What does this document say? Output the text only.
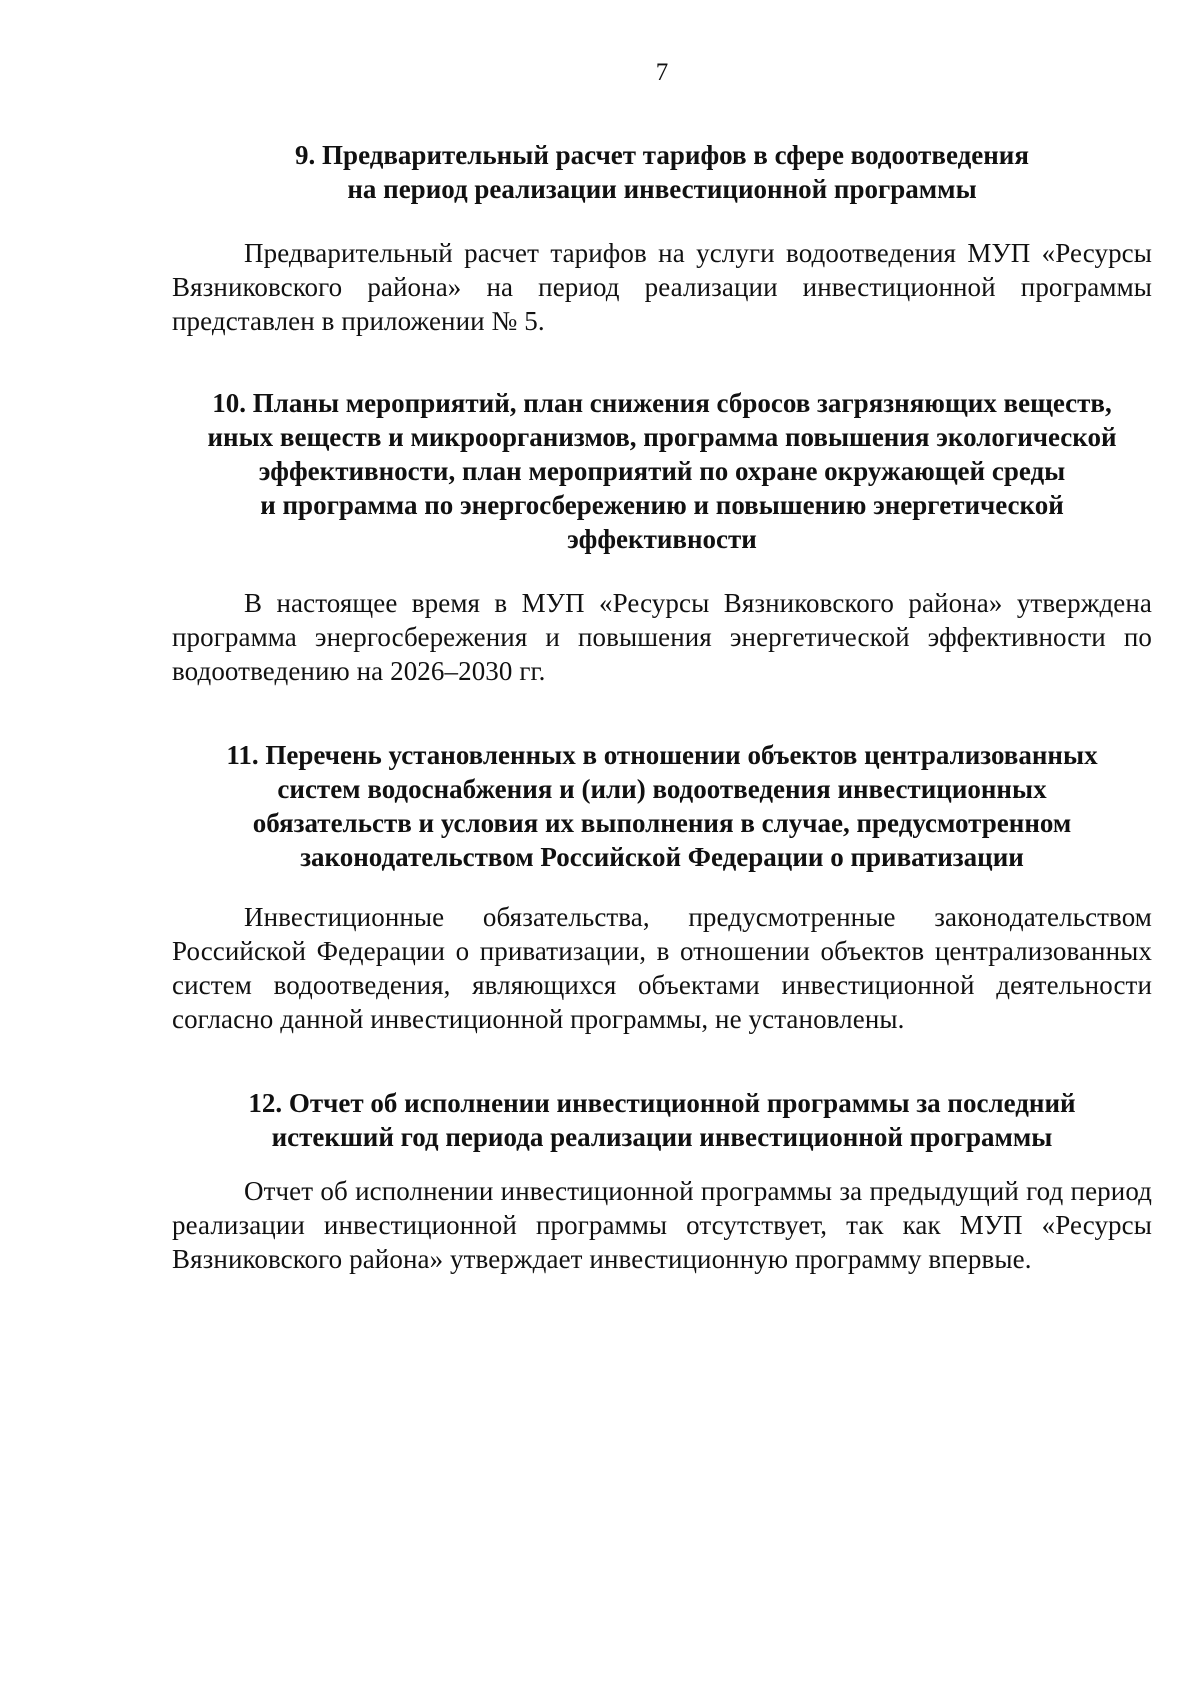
7
9. Предварительный расчет тарифов в сфере водоотведения
на период реализации инвестиционной программы

Предварительный расчет тарифов на услуги водоотведения МУП «Ресурсы Вязниковского района» на период реализации инвестиционной программы представлен в приложении № 5.

10. Планы мероприятий, план снижения сбросов загрязняющих веществ,
иных веществ и микроорганизмов, программа повышения экологической
эффективности, план мероприятий по охране окружающей среды
и программа по энергосбережению и повышению энергетической
эффективности

В настоящее время в МУП «Ресурсы Вязниковского района» утверждена программа энергосбережения и повышения энергетической эффективности по водоотведению на 2026–2030 гг.

11. Перечень установленных в отношении объектов централизованных
систем водоснабжения и (или) водоотведения инвестиционных
обязательств и условия их выполнения в случае, предусмотренном
законодательством Российской Федерации о приватизации

Инвестиционные обязательства, предусмотренные законодательством Российской Федерации о приватизации, в отношении объектов централизованных систем водоотведения, являющихся объектами инвестиционной деятельности согласно данной инвестиционной программы, не установлены.

12. Отчет об исполнении инвестиционной программы за последний
истекший год периода реализации инвестиционной программы

Отчет об исполнении инвестиционной программы за предыдущий год период реализации инвестиционной программы отсутствует, так как МУП «Ресурсы Вязниковского района» утверждает инвестиционную программу впервые.
